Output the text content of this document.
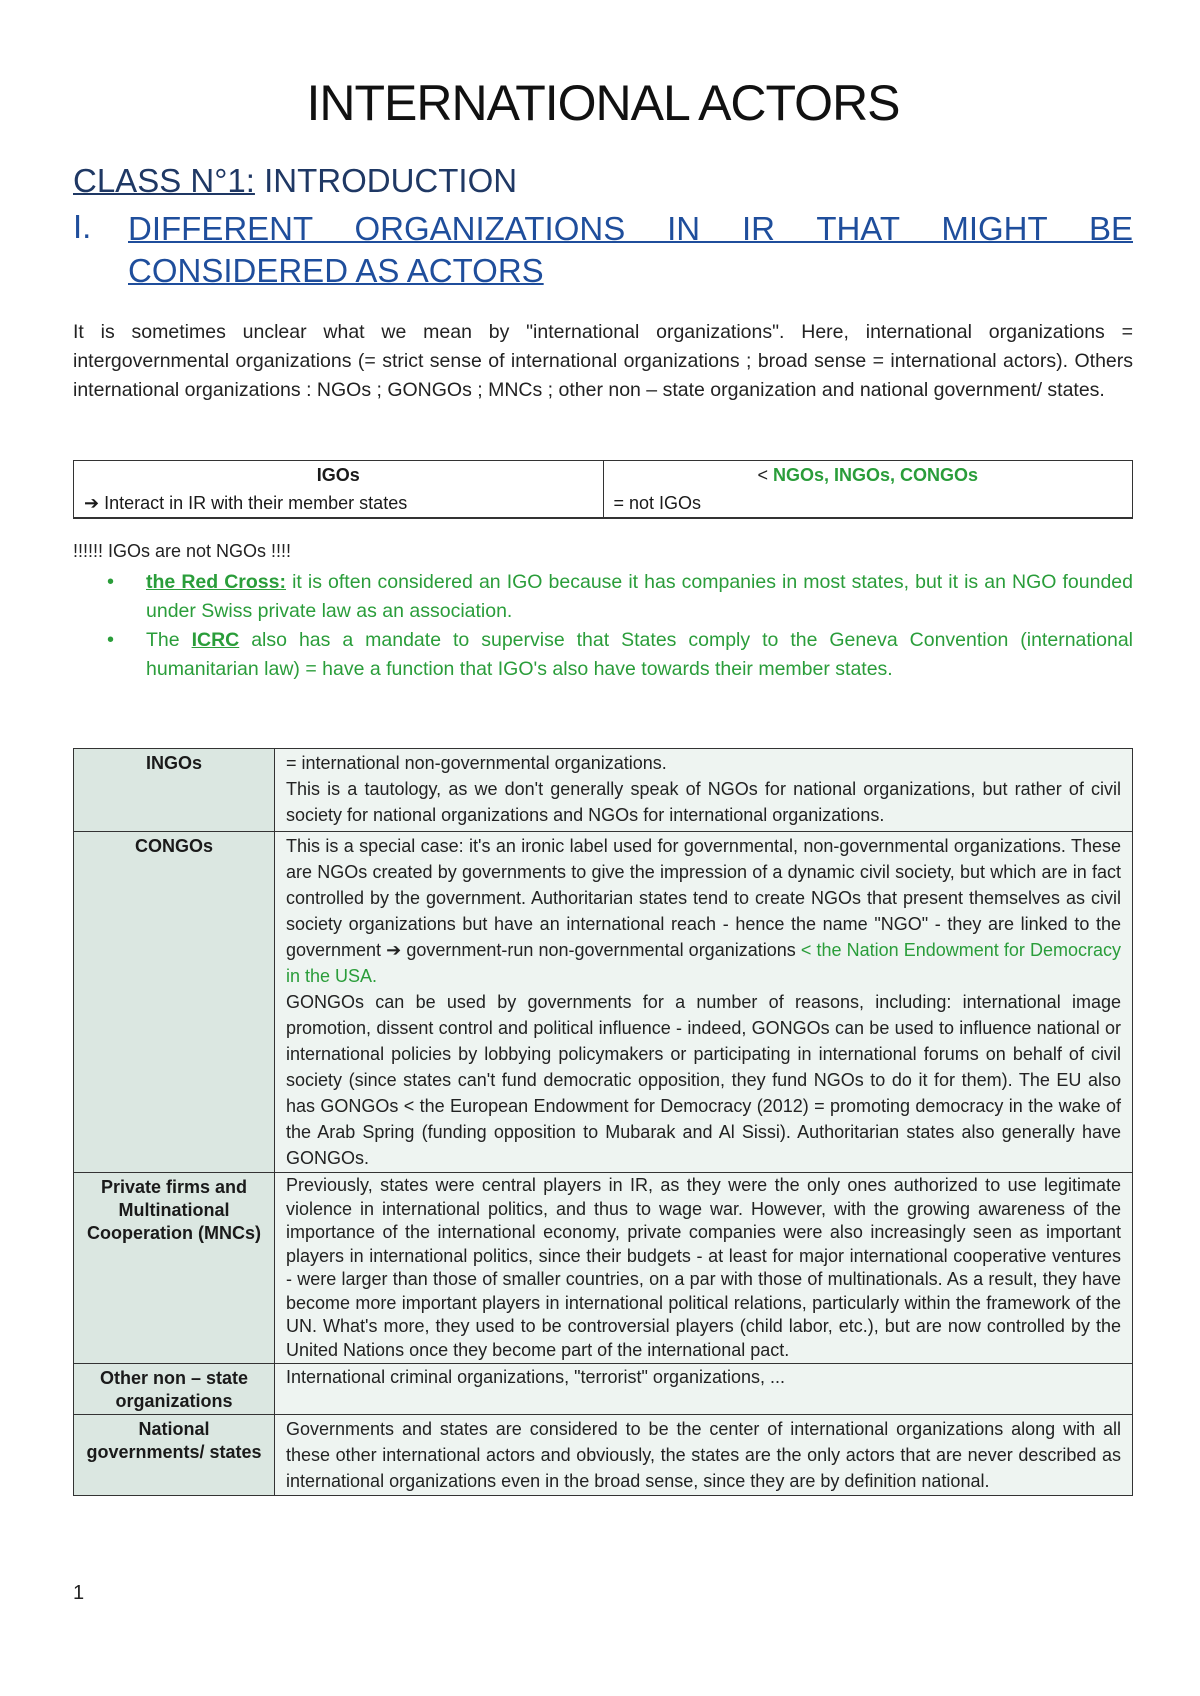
INTERNATIONAL ACTORS
CLASS N°1: INTRODUCTION
I. DIFFERENT ORGANIZATIONS IN IR THAT MIGHT BE CONSIDERED AS ACTORS

It is sometimes unclear what we mean by "international organizations". Here, international organizations = intergovernmental organizations (= strict sense of international organizations ; broad sense = international actors). Others international organizations : NGOs ; GONGOs ; MNCs ; other non – state organization and national government/ states.

IGOs	< NGOs, INGOs, CONGOs
➔ Interact in IR with their member states	= not IGOs

!!!!!! IGOs are not NGOs !!!!

• the Red Cross: it is often considered an IGO because it has companies in most states, but it is an NGO founded under Swiss private law as an association.
• The ICRC also has a mandate to supervise that States comply to the Geneva Convention (international humanitarian law) = have a function that IGO's also have towards their member states.
INGOs	= international non-governmental organizations.
This is a tautology, as we don't generally speak of NGOs for national organizations, but rather of civil society for national organizations and NGOs for international organizations.
CONGOs	This is a special case: it's an ironic label used for governmental, non-governmental organizations. These are NGOs created by governments to give the impression of a dynamic civil society, but which are in fact controlled by the government. Authoritarian states tend to create NGOs that present themselves as civil society organizations but have an international reach - hence the name "NGO" - they are linked to the government ➔ government-run non-governmental organizations < the Nation Endowment for Democracy in the USA.
GONGOs can be used by governments for a number of reasons, including: international image promotion, dissent control and political influence - indeed, GONGOs can be used to influence national or international policies by lobbying policymakers or participating in international forums on behalf of civil society (since states can't fund democratic opposition, they fund NGOs to do it for them). The EU also has GONGOs < the European Endowment for Democracy (2012) = promoting democracy in the wake of the Arab Spring (funding opposition to Mubarak and Al Sissi). Authoritarian states also generally have GONGOs.
Private firms and Multinational Cooperation (MNCs)	Previously, states were central players in IR, as they were the only ones authorized to use legitimate violence in international politics, and thus to wage war. However, with the growing awareness of the importance of the international economy, private companies were also increasingly seen as important players in international politics, since their budgets - at least for major international cooperative ventures - were larger than those of smaller countries, on a par with those of multinationals. As a result, they have become more important players in international political relations, particularly within the framework of the UN. What's more, they used to be controversial players (child labor, etc.), but are now controlled by the United Nations once they become part of the international pact.
Other non – state organizations	International criminal organizations, "terrorist" organizations, ...
National governments/ states	Governments and states are considered to be the center of international organizations along with all these other international actors and obviously, the states are the only actors that are never described as international organizations even in the broad sense, since they are by definition national.

1
